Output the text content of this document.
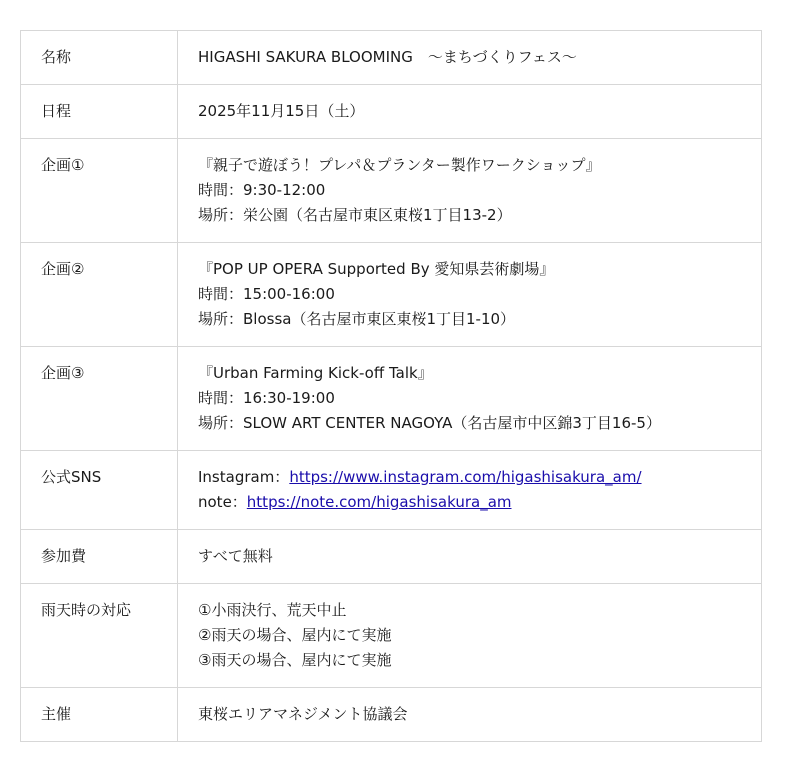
名称	HIGASHI SAKURA BLOOMING　～まちづくりフェス～

日程	2025年11月15日（土）

企画①	『親子で遊ぼう！プレパ＆プランター製作ワークショップ』
時間：9:30-12:00
場所：栄公園（名古屋市東区東桜1丁目13-2）

企画②	『POP UP OPERA Supported By 愛知県芸術劇場』
時間：15:00-16:00
場所：Blossa（名古屋市東区東桜1丁目1-10）

企画③	『Urban Farming Kick-off Talk』
時間：16:30-19:00
場所：SLOW ART CENTER NAGOYA（名古屋市中区錦3丁目16-5）

公式SNS	Instagram：https://www.instagram.com/higashisakura_am/
note：https://note.com/higashisakura_am

参加費	すべて無料

雨天時の対応	①小雨決行、荒天中止
②雨天の場合、屋内にて実施
③雨天の場合、屋内にて実施

主催	東桜エリアマネジメント協議会
